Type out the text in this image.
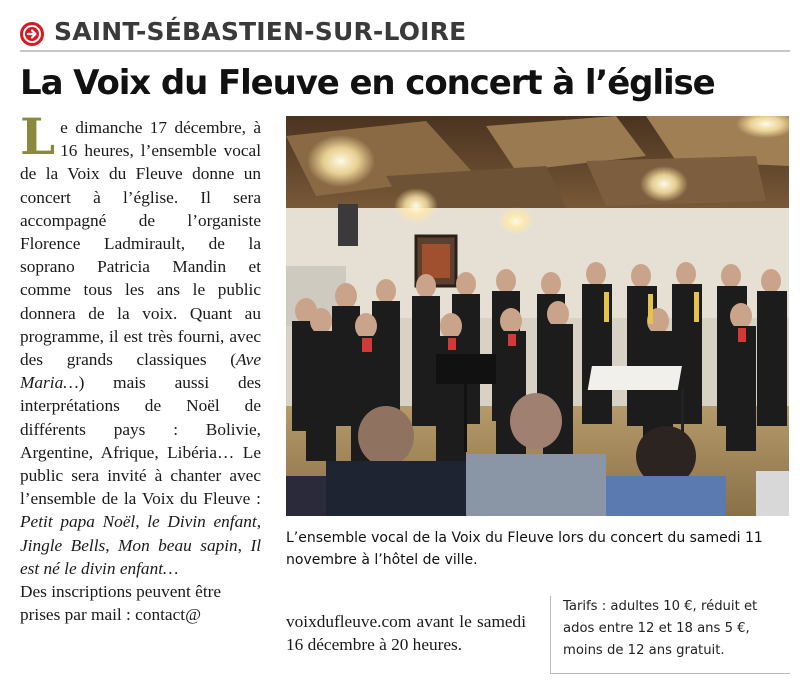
SAINT-SÉBASTIEN-SUR-LOIRE
La Voix du Fleuve en concert à l’église

Le dimanche 17 décembre, à 16 heures, l’ensemble vocal de la Voix du Fleuve donne un concert à l’église. Il sera accompagné de l’organiste Florence Ladmirault, de la soprano Patricia Mandin et comme tous les ans le public donnera de la voix. Quant au programme, il est très fourni, avec des grands classiques (Ave Maria…) mais aussi des interprétations de Noël de différents pays : Bolivie, Argentine, Afrique, Libéria… Le public sera invité à chanter avec l’ensemble de la Voix du Fleuve : Petit papa Noël, le Divin enfant, Jingle Bells, Mon beau sapin, Il est né le divin enfant…

Des inscriptions peuvent être prises par mail : contact@

L’ensemble vocal de la Voix du Fleuve lors du concert du samedi 11 novembre à l’hôtel de ville.

voixdufleuve.com avant le samedi 16 décembre à 20 heures.

Tarifs : adultes 10 €, réduit et ados entre 12 et 18 ans 5 €, moins de 12 ans gratuit.
